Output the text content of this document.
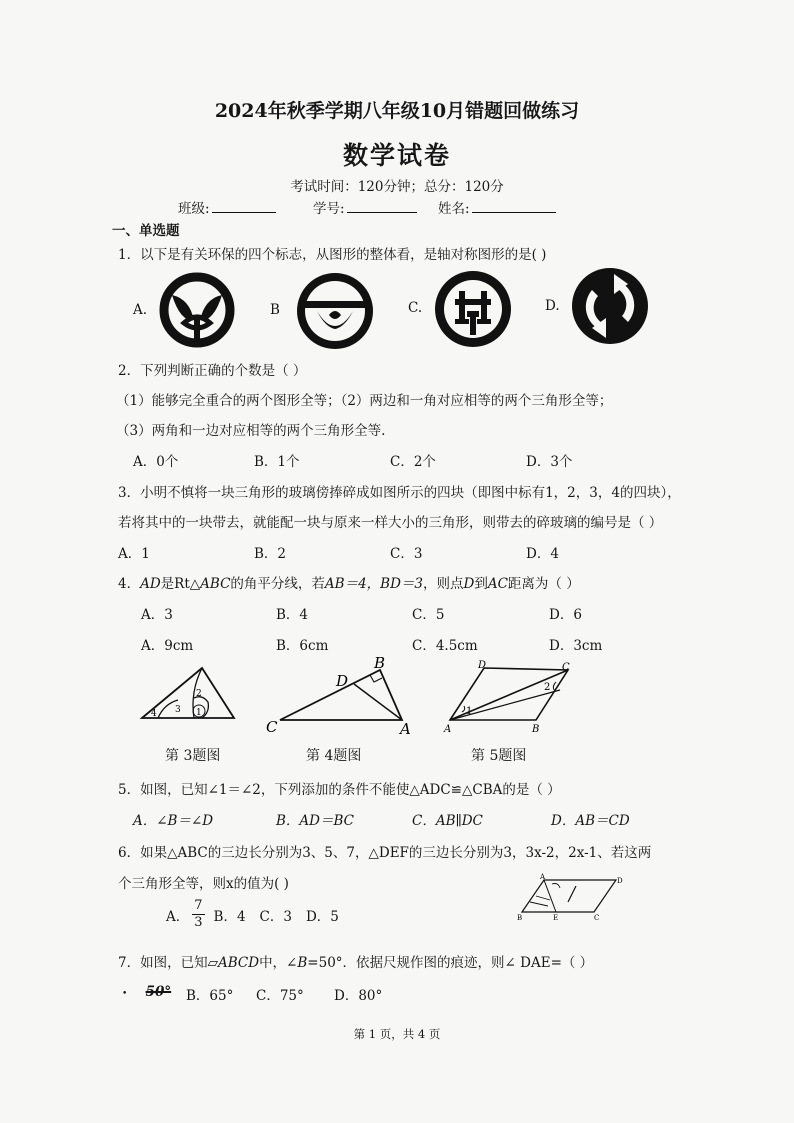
2024年秋季学期八年级10月错题回做练习
数学试卷
考试时间：120分钟；总分：120分
班级:	学号:	姓名:
一、单选题
1．以下是有关环保的四个标志，从图形的整体看，是轴对称图形的是( )
A.	B	C.	D.
2．下列判断正确的个数是（ ）
（1）能够完全重合的两个图形全等；（2）两边和一角对应相等的两个三角形全等；
（3）两角和一边对应相等的两个三角形全等.
A．0个	B．1个	C．2个	D．3个
3．小明不慎将一块三角形的玻璃傍捧碎成如图所示的四块（即图中标有1，2，3，4的四块），
若将其中的一块带去，就能配一块与原来一样大小的三角形，则带去的碎玻璃的编号是（ ）
A．1	B．2	C．3	D．4
4．AD是Rt△ABC的角平分线，若AB＝4，BD＝3，则点D到AC距离为（ ）
A．3	B．4	C．5	D．6
A．9cm	B．6cm	C．4.5cm	D．3cm
1
2
3
4
A
B
C
D
A	B
C
D
1
2
第 3题图	第 4题图	第 5题图
5．如图，已知∠1＝∠2，下列添加的条件不能使△ADC≌△CBA的是（ ）
A．∠B＝∠D	B．AD＝BC	C．AB∥DC	D．AB＝CD
6．如果△ABC的三边长分别为3、5、7，△DEF的三边长分别为3，3x-2，2x-1、若这两
个三角形全等，则x的值为( )
A． $\frac{7}{3}$ B．4 C．3 D．5
A
B	C
D
E
7．如图，已知▱ABCD中，∠B=50°．依据尺规作图的痕迹，则∠ DAE=（ ）
• 50° B．65° C．75° D．80°
第 1 页，共 4 页
